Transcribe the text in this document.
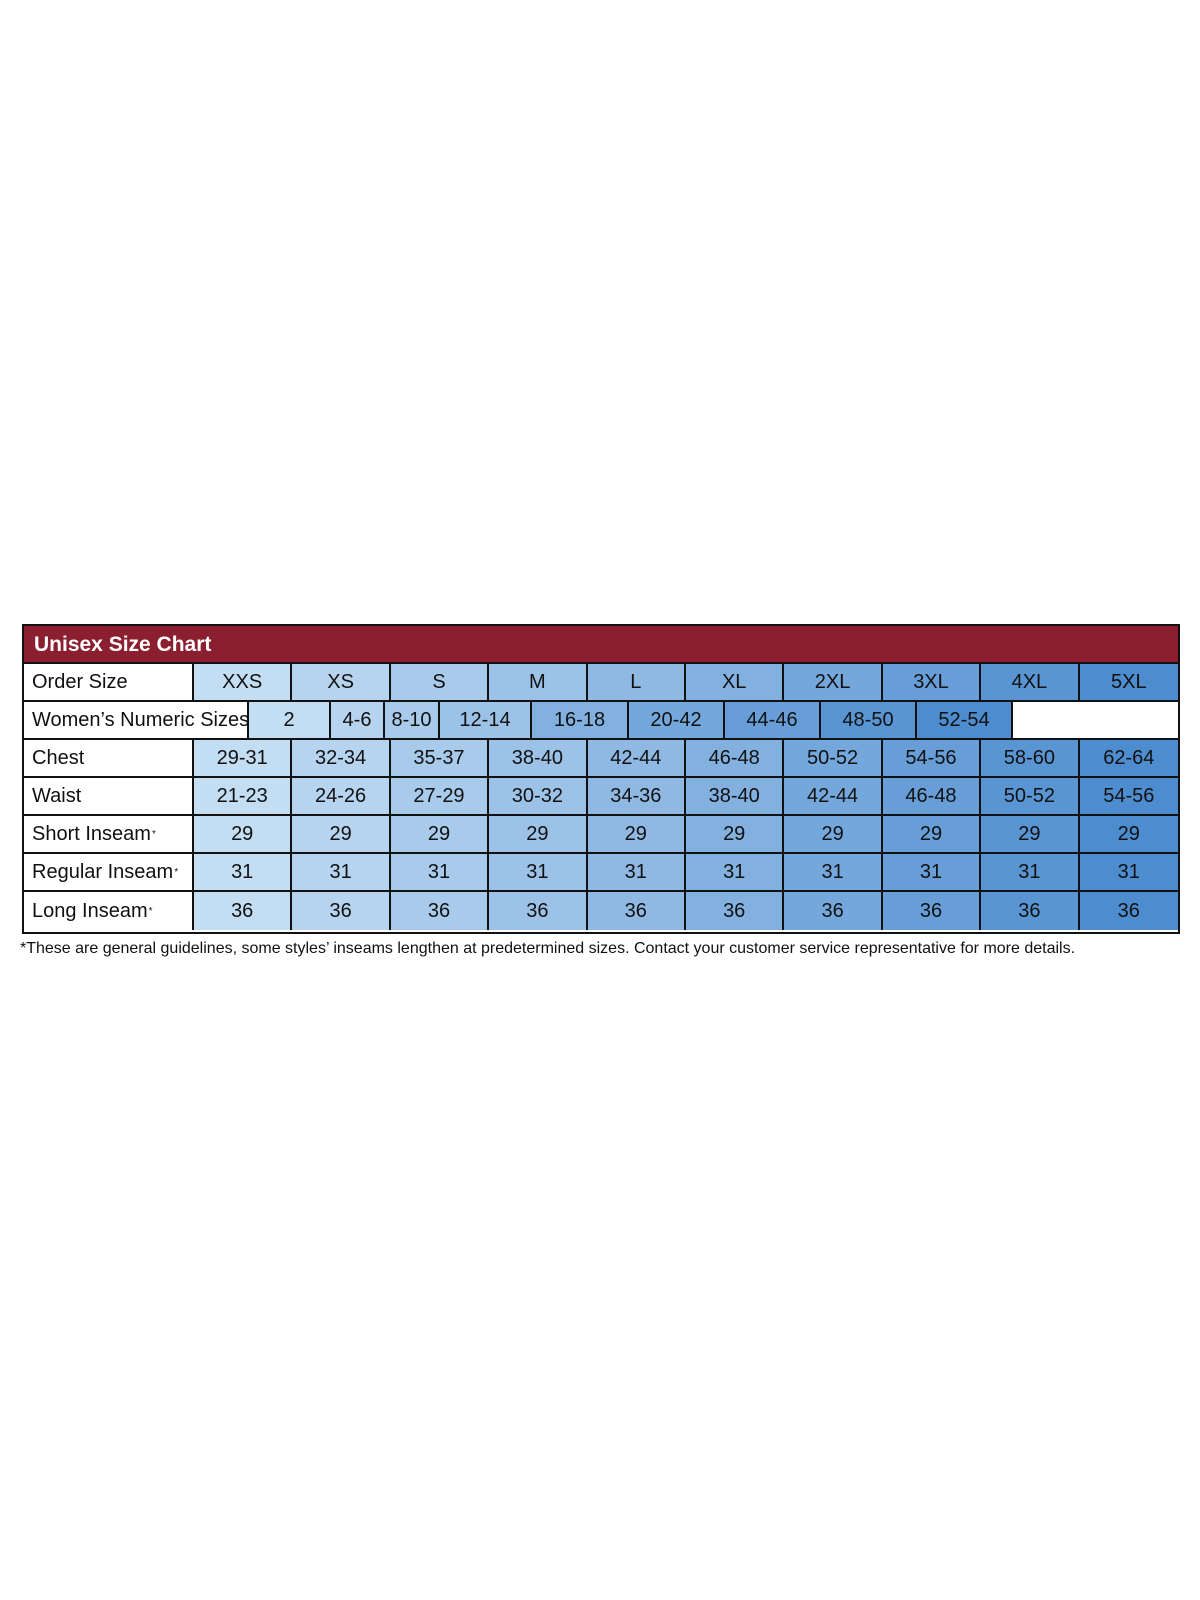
Unisex Size Chart
Order Size	XXS	XS	S	M	L	XL	2XL	3XL	4XL	5XL
Women’s Numeric Sizes	2	4-6	8-10	12-14	16-18	20-42	44-46	48-50	52-54
Chest	29-31	32-34	35-37	38-40	42-44	46-48	50-52	54-56	58-60	62-64
Waist	21-23	24-26	27-29	30-32	34-36	38-40	42-44	46-48	50-52	54-56
Short Inseam *	29	29	29	29	29	29	29	29	29	29
Regular Inseam *	31	31	31	31	31	31	31	31	31	31
Long Inseam *	36	36	36	36	36	36	36	36	36	36
*These are general guidelines, some styles’ inseams lengthen at predetermined sizes. Contact your customer service representative for more details.
